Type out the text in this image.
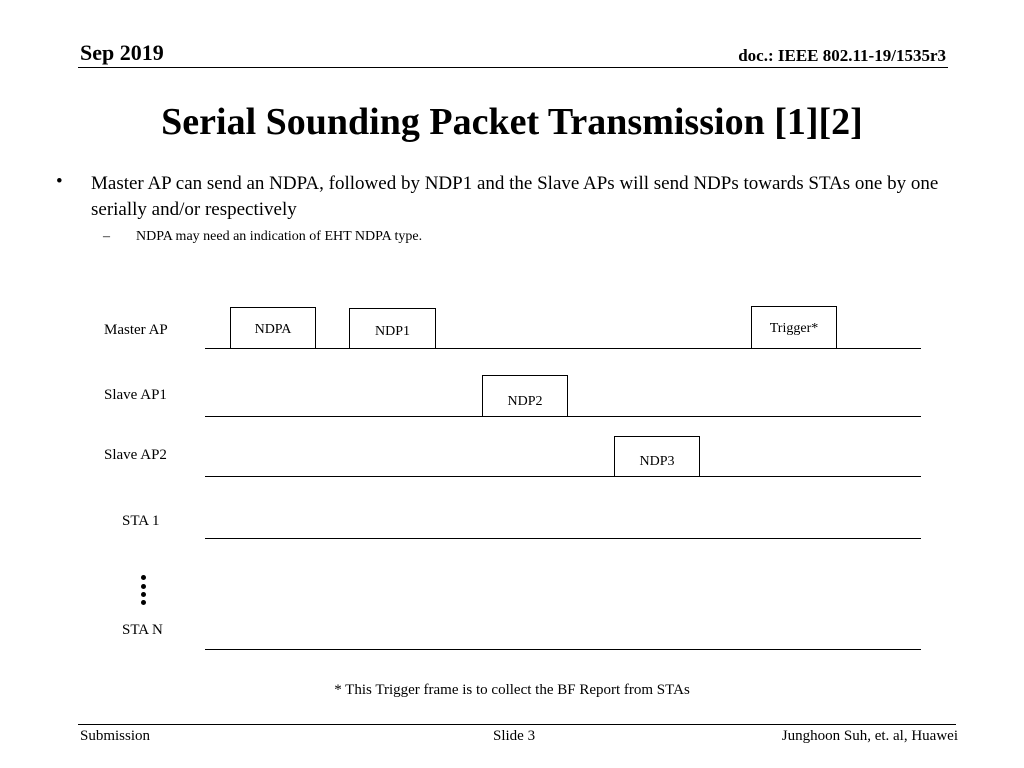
Sep 2019	doc.: IEEE 802.11-19/1535r3
Serial Sounding Packet Transmission [1][2]
• Master AP can send an NDPA, followed by NDP1 and the Slave APs will send NDPs towards STAs one by one serially and/or respectively
– NDPA may need an indication of EHT NDPA type.
Master AP
Slave AP1
Slave AP2
STA 1
STA N
NDPA	NDP1
NDP2
NDP3
Trigger*
* This Trigger frame is to collect the BF Report from STAs
Submission	Slide 3	Junghoon Suh, et. al, Huawei
